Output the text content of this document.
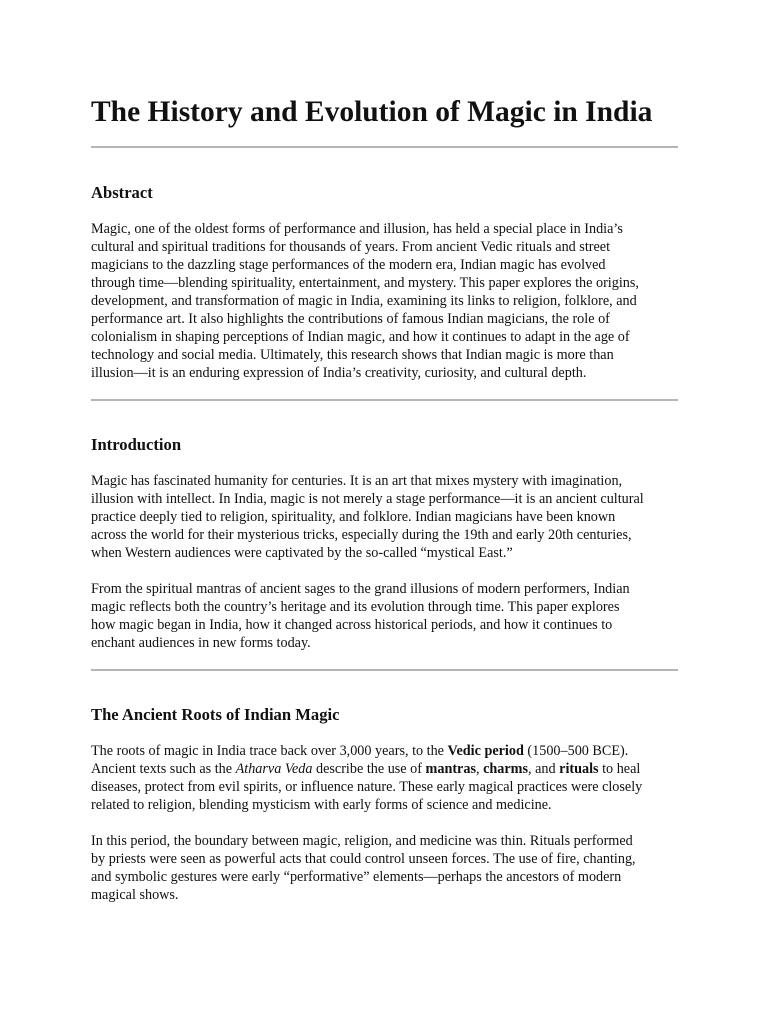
The History and Evolution of Magic in India
Abstract

Magic, one of the oldest forms of performance and illusion, has held a special place in India’s
cultural and spiritual traditions for thousands of years. From ancient Vedic rituals and street
magicians to the dazzling stage performances of the modern era, Indian magic has evolved
through time—blending spirituality, entertainment, and mystery. This paper explores the origins,
development, and transformation of magic in India, examining its links to religion, folklore, and
performance art. It also highlights the contributions of famous Indian magicians, the role of
colonialism in shaping perceptions of Indian magic, and how it continues to adapt in the age of
technology and social media. Ultimately, this research shows that Indian magic is more than
illusion—it is an enduring expression of India’s creativity, curiosity, and cultural depth.

Introduction

Magic has fascinated humanity for centuries. It is an art that mixes mystery with imagination,
illusion with intellect. In India, magic is not merely a stage performance—it is an ancient cultural
practice deeply tied to religion, spirituality, and folklore. Indian magicians have been known
across the world for their mysterious tricks, especially during the 19th and early 20th centuries,
when Western audiences were captivated by the so-called “mystical East.”

From the spiritual mantras of ancient sages to the grand illusions of modern performers, Indian
magic reflects both the country’s heritage and its evolution through time. This paper explores
how magic began in India, how it changed across historical periods, and how it continues to
enchant audiences in new forms today.

The Ancient Roots of Indian Magic

The roots of magic in India trace back over 3,000 years, to the Vedic period (1500–500 BCE).
Ancient texts such as the Atharva Veda describe the use of mantras, charms, and rituals to heal
diseases, protect from evil spirits, or influence nature. These early magical practices were closely
related to religion, blending mysticism with early forms of science and medicine.

In this period, the boundary between magic, religion, and medicine was thin. Rituals performed
by priests were seen as powerful acts that could control unseen forces. The use of fire, chanting,
and symbolic gestures were early “performative” elements—perhaps the ancestors of modern
magical shows.
